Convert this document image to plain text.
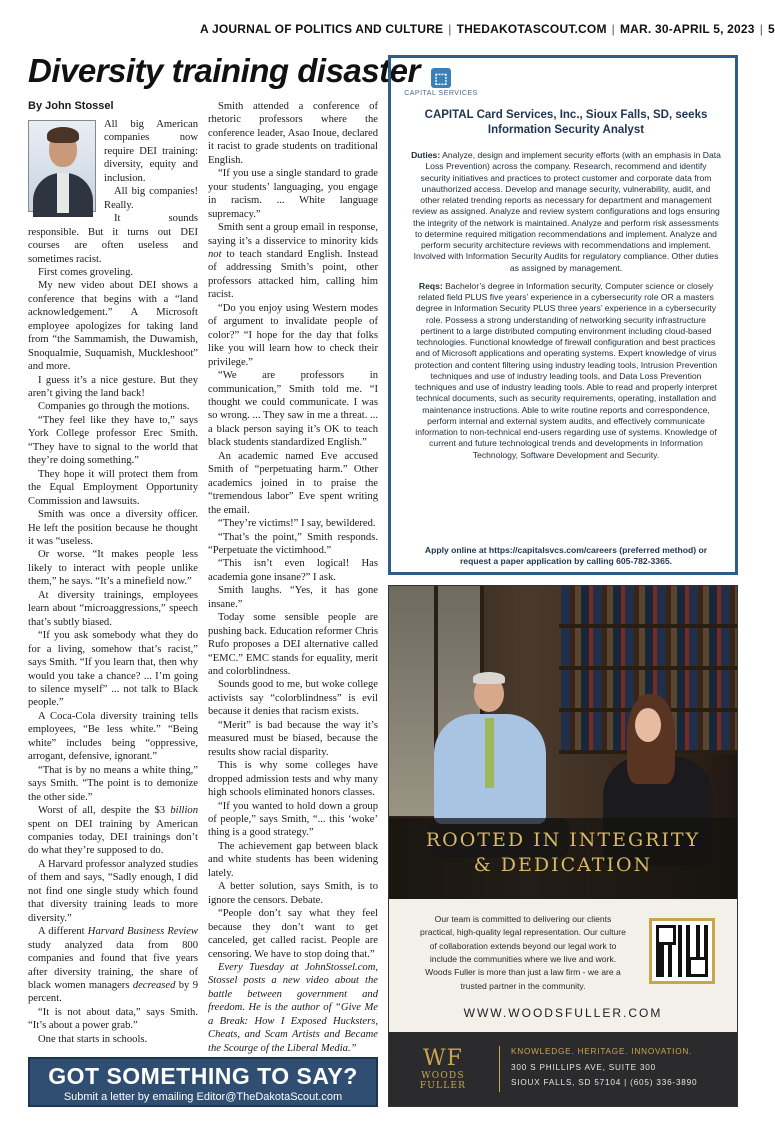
A JOURNAL OF POLITICS AND CULTURE | THEDAKOTASCOUT.COM | MAR. 30-APRIL 5, 2023 | 5
Diversity training disaster
By John Stossel

All big American companies now require DEI training: diversity, equity and inclusion.

All big companies! Really.

It sounds responsible. But it turns out DEI courses are often useless and sometimes racist.

First comes groveling.

My new video about DEI shows a conference that begins with a “land acknowledgement.” A Microsoft employee apologizes for taking land from “the Sammamish, the Duwamish, Snoqualmie, Suquamish, Muckleshoot” and more.

I guess it’s a nice gesture. But they aren’t giving the land back!

Companies go through the motions.

“They feel like they have to,” says York College professor Erec Smith. “They have to signal to the world that they’re doing something.”

They hope it will protect them from the Equal Employment Opportunity Commission and lawsuits.

Smith was once a diversity officer. He left the position because he thought it was “useless.

Or worse. “It makes people less likely to interact with people unlike them,” he says. “It’s a minefield now.”

At diversity trainings, employees learn about “microaggressions,” speech that’s subtly biased.

“If you ask somebody what they do for a living, somehow that’s racist,” says Smith. “If you learn that, then why would you take a chance? ... I’m going to silence myself” ... not talk to Black people.”

A Coca-Cola diversity training tells employees, “Be less white.” “Being white” includes being “oppressive, arrogant, defensive, ignorant.”

“That is by no means a white thing,” says Smith. “The point is to demonize the other side.”

Worst of all, despite the $3 billion spent on DEI training by American companies today, DEI trainings don’t do what they’re supposed to do.

A Harvard professor analyzed studies of them and says, “Sadly enough, I did not find one single study which found that diversity training leads to more diversity.”

A different Harvard Business Review study analyzed data from 800 companies and found that five years after diversity training, the share of black women managers decreased by 9 percent.

“It is not about data,” says Smith. “It’s about a power grab.”

One that starts in schools.

Smith attended a conference of rhetoric professors where the conference leader, Asao Inoue, declared it racist to grade students on traditional English.

“If you use a single standard to grade your students’ languaging, you engage in racism. ... White language supremacy.”

Smith sent a group email in response, saying it’s a disservice to minority kids not to teach standard English. Instead of addressing Smith’s point, other professors attacked him, calling him racist.

“Do you enjoy using Western modes of argument to invalidate people of color?” “I hope for the day that folks like you will learn how to check their privilege.”

“We are professors in communication,” Smith told me. “I thought we could communicate. I was so wrong. ... They saw in me a threat. ... a black person saying it’s OK to teach black students standardized English.”

An academic named Eve accused Smith of “perpetuating harm.” Other academics joined in to praise the “tremendous labor” Eve spent writing the email.

“They’re victims!” I say, bewildered.

“That’s the point,” Smith responds. “Perpetuate the victimhood.”

“This isn’t even logical! Has academia gone insane?” I ask.

Smith laughs. “Yes, it has gone insane.”

Today some sensible people are pushing back. Education reformer Chris Rufo proposes a DEI alternative called “EMC.” EMC stands for equality, merit and colorblindness.

Sounds good to me, but woke college activists say “colorblindness” is evil because it denies that racism exists.

“Merit” is bad because the way it’s measured must be biased, because the results show racial disparity.

This is why some colleges have dropped admission tests and why many high schools eliminated honors classes.

“If you wanted to hold down a group of people,” says Smith, “... this ‘woke’ thing is a good strategy.”

The achievement gap between black and white students has been widening lately.

A better solution, says Smith, is to ignore the censors. Debate.

“People don’t say what they feel because they don’t want to get canceled, get called racist. People are censoring. We have to stop doing that.”

Every Tuesday at JohnStossel.com, Stossel posts a new video about the battle between government and freedom. He is the author of “Give Me a Break: How I Exposed Hucksters, Cheats, and Scam Artists and Became the Scourge of the Liberal Media.”

GOT SOMETHING TO SAY?
Submit a letter by emailing Editor@TheDakotaScout.com
⬚
CAPITAL SERVICES
CAPITAL Card Services, Inc., Sioux Falls, SD, seeks Information Security Analyst

Duties: Analyze, design and implement security efforts (with an emphasis in Data Loss Prevention) across the company. Research, recommend and identify security initiatives and practices to protect customer and corporate data from unauthorized access. Develop and manage security, vulnerability, audit, and other related trending reports as necessary for department and management review as assigned. Analyze and review system configurations and logs ensuring the integrity of the network is maintained. Analyze and perform risk assessments to determine required mitigation recommendations and implement. Analyze and perform security architecture reviews with recommendations and implement. Involved with Information Security Audits for regulatory compliance. Other duties as assigned by management.

Reqs: Bachelor’s degree in Information security, Computer science or closely related field PLUS five years’ experience in a cybersecurity role OR a masters degree in Information Security PLUS three years’ experience in a cybersecurity role. Possess a strong understanding of networking security infrastructure pertinent to a large distributed computing environment including cloud-based technologies. Functional knowledge of firewall configuration and best practices and of Microsoft applications and operating systems. Expert knowledge of virus protection and content filtering using industry leading tools, Intrusion Prevention techniques and use of industry leading tools, and Data Loss Prevention techniques and use of industry leading tools. Able to read and properly interpret technical documents, such as security requirements, operating, installation and maintenance instructions. Able to write routine reports and correspondence, perform internal and external system audits, and effectively communicate information to non-technical end-users regarding use of systems. Knowledge of current and future technological trends and developments in Information Technology, Software Development and Security.

Apply online at https://capitalsvcs.com/careers (preferred method) or request a paper application by calling 605-782-3365.
ROOTED IN INTEGRITY
& DEDICATION
Our team is committed to delivering our clients practical, high-quality legal representation. Our culture of collaboration extends beyond our legal work to include the communities where we live and work. Woods Fuller is more than just a law firm - we are a trusted partner in the community.
WWW.WOODSFULLER.COM
WF
WOODS FULLER
KNOWLEDGE. HERITAGE. INNOVATION.
300 S PHILLIPS AVE, SUITE 300
SIOUX FALLS, SD 57104 | (605) 336-3890
